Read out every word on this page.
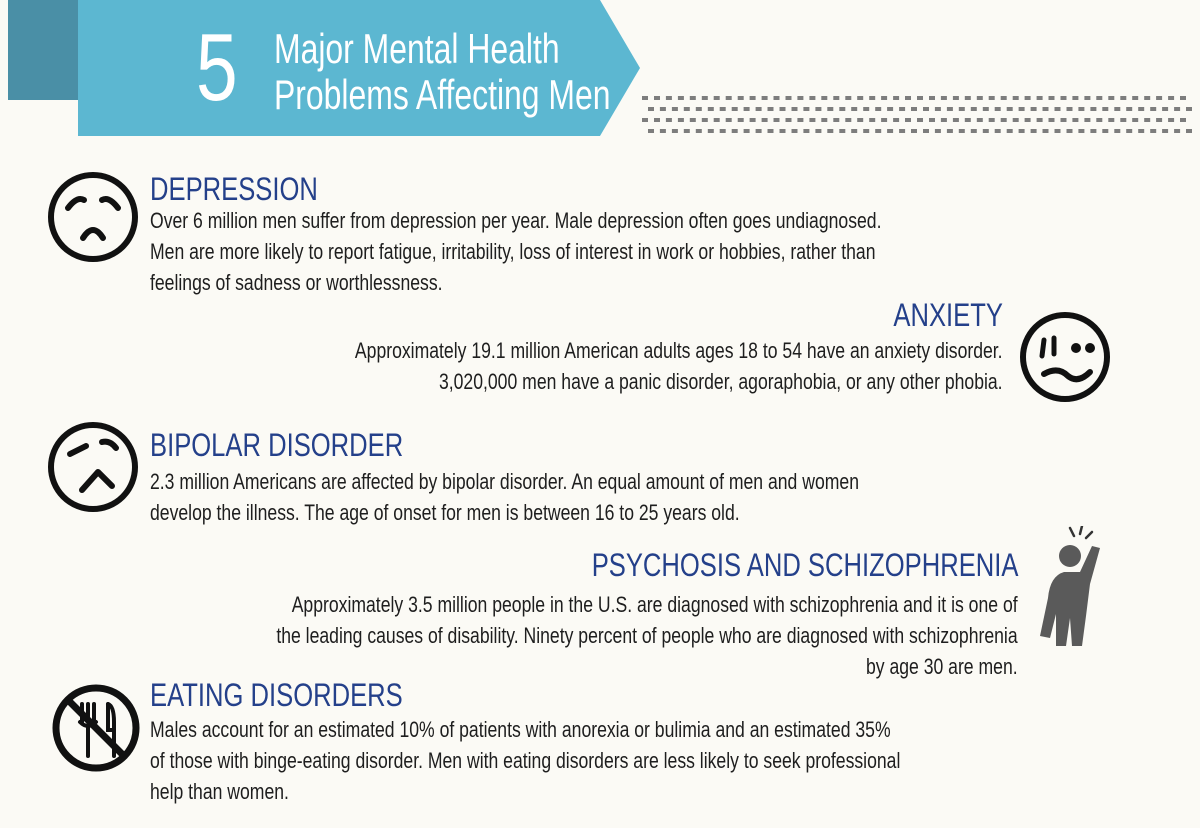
5 Major Mental Health
Problems Affecting Men
DEPRESSION
Over 6 million men suffer from depression per year. Male depression often goes undiagnosed.
Men are more likely to report fatigue, irritability, loss of interest in work or hobbies, rather than
feelings of sadness or worthlessness.
ANXIETY
Approximately 19.1 million American adults ages 18 to 54 have an anxiety disorder.
3,020,000 men have a panic disorder, agoraphobia, or any other phobia.
BIPOLAR DISORDER
2.3 million Americans are affected by bipolar disorder. An equal amount of men and women
develop the illness. The age of onset for men is between 16 to 25 years old.
PSYCHOSIS AND SCHIZOPHRENIA
Approximately 3.5 million people in the U.S. are diagnosed with schizophrenia and it is one of
the leading causes of disability. Ninety percent of people who are diagnosed with schizophrenia
by age 30 are men.
EATING DISORDERS
Males account for an estimated 10% of patients with anorexia or bulimia and an estimated 35%
of those with binge-eating disorder. Men with eating disorders are less likely to seek professional
help than women.
